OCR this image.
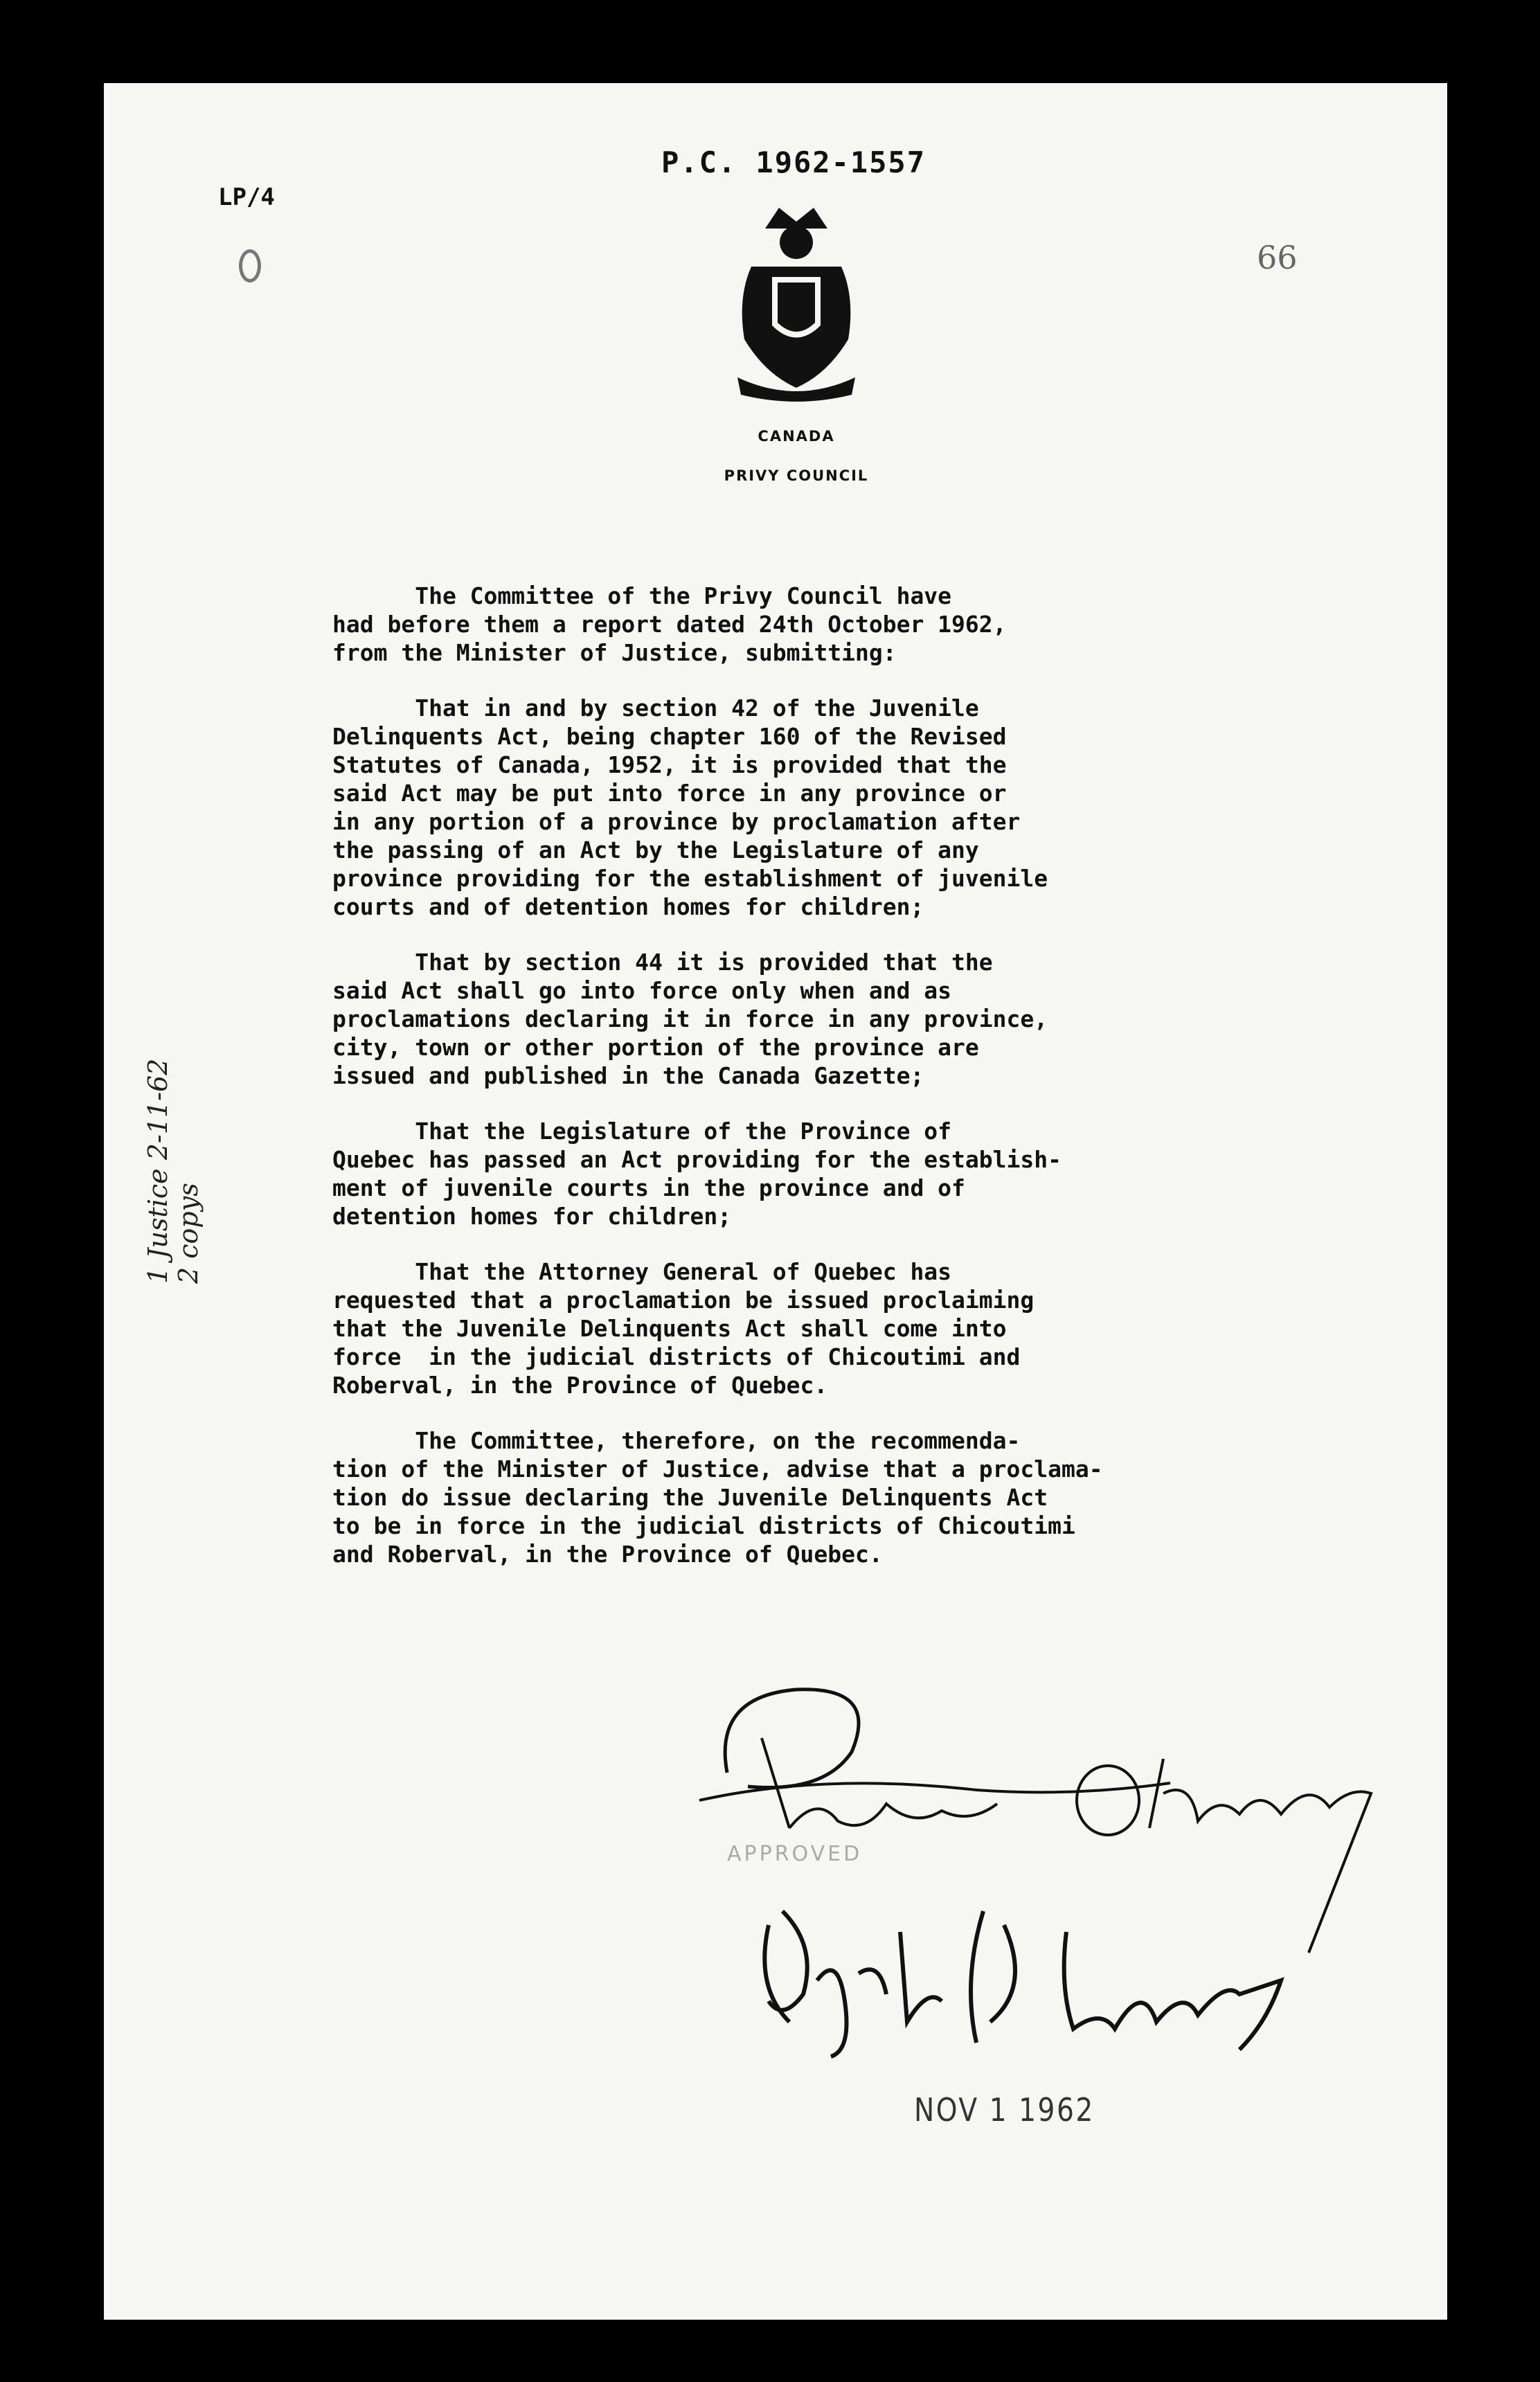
P.C. 1962-1557
LP/4
66
CANADA
PRIVY COUNCIL
The Committee of the Privy Council have
had before them a report dated 24th October 1962,
from the Minister of Justice, submitting:
That in and by section 42 of the Juvenile
Delinquents Act, being chapter 160 of the Revised
Statutes of Canada, 1952, it is provided that the
said Act may be put into force in any province or
in any portion of a province by proclamation after
the passing of an Act by the Legislature of any
province providing for the establishment of juvenile
courts and of detention homes for children;
That by section 44 it is provided that the
said Act shall go into force only when and as
proclamations declaring it in force in any province,
city, town or other portion of the province are
issued and published in the Canada Gazette;
That the Legislature of the Province of
Quebec has passed an Act providing for the establish-
ment of juvenile courts in the province and of
detention homes for children;
That the Attorney General of Quebec has
requested that a proclamation be issued proclaiming
that the Juvenile Delinquents Act shall come into
force  in the judicial districts of Chicoutimi and
Roberval, in the Province of Quebec.
The Committee, therefore, on the recommenda-
tion of the Minister of Justice, advise that a proclama-
tion do issue declaring the Juvenile Delinquents Act
to be in force in the judicial districts of Chicoutimi
and Roberval, in the Province of Quebec.
1 Justice 2-11-62 2 copys
APPROVED
NOV 1 1962
